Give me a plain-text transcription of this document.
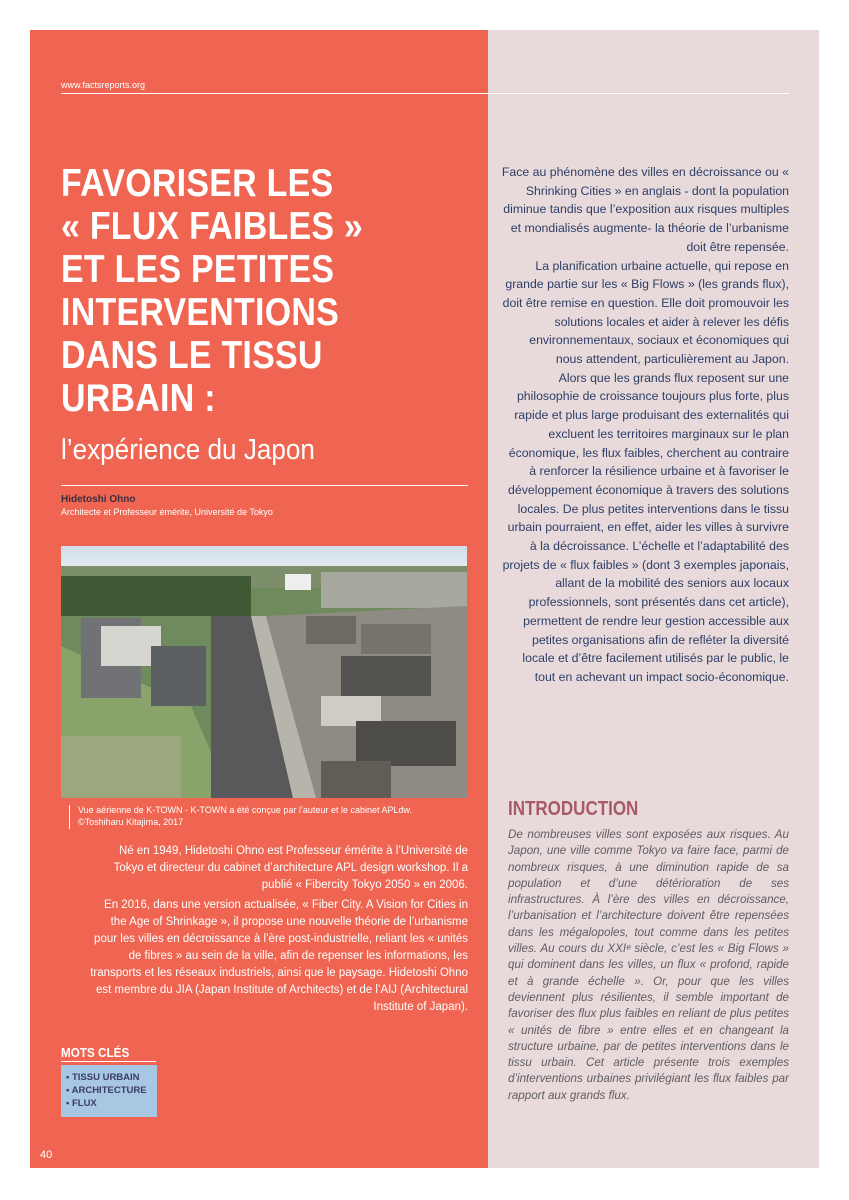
www.factsreports.org
FAVORISER LES
« FLUX FAIBLES »
ET LES PETITES
INTERVENTIONS
DANS LE TISSU
URBAIN :
l’expérience du Japon
Hidetoshi Ohno
Architecte et Professeur émérite, Université de Tokyo
Vue aérienne de K-TOWN - K-TOWN a été conçue par l’auteur et le cabinet APLdw. ©Toshiharu Kitajima, 2017

Né en 1949, Hidetoshi Ohno est Professeur émérite à l’Université de Tokyo et directeur du cabinet d’architecture APL design workshop. Il a publié « Fibercity Tokyo 2050 » en 2006.

En 2016, dans une version actualisée, « Fiber City. A Vision for Cities in the Age of Shrinkage », il propose une nouvelle théorie de l’urbanisme pour les villes en décroissance à l’ère post-industrielle, reliant les « unités de fibres » au sein de la ville, afin de repenser les informations, les transports et les réseaux industriels, ainsi que le paysage. Hidetoshi Ohno est membre du JIA (Japan Institute of Architects) et de l’AIJ (Architectural Institute of Japan).

MOTS CLÉS
• TISSU URBAIN
• ARCHITECTURE
• FLUX
40

Face au phénomène des villes en décroissance ou « Shrinking Cities » en anglais - dont la population diminue tandis que l’exposition aux risques multiples et mondialisés augmente- la théorie de l’urbanisme doit être repensée.

La planification urbaine actuelle, qui repose en grande partie sur les « Big Flows » (les grands flux), doit être remise en question. Elle doit promouvoir les solutions locales et aider à relever les défis environnementaux, sociaux et économiques qui nous attendent, particulièrement au Japon.

Alors que les grands flux reposent sur une philosophie de croissance toujours plus forte, plus rapide et plus large produisant des externalités qui excluent les territoires marginaux sur le plan économique, les flux faibles, cherchent au contraire à renforcer la résilience urbaine et à favoriser le développement économique à travers des solutions locales. De plus petites interventions dans le tissu urbain pourraient, en effet, aider les villes à survivre à la décroissance. L’échelle et l’adaptabilité des projets de « flux faibles » (dont 3 exemples japonais, allant de la mobilité des seniors aux locaux professionnels, sont présentés dans cet article), permettent de rendre leur gestion accessible aux petites organisations afin de refléter la diversité locale et d’être facilement utilisés par le public, le tout en achevant un impact socio-économique.

INTRODUCTION
De nombreuses villes sont exposées aux risques. Au Japon, une ville comme Tokyo va faire face, parmi de nombreux risques, à une diminution rapide de sa population et d’une détérioration de ses infrastructures. À l’ère des villes en décroissance, l’urbanisation et l’architecture doivent être repensées dans les mégalopoles, tout comme dans les petites villes. Au cours du XXIᵉ siècle, c’est les « Big Flows » qui dominent dans les villes, un flux « profond, rapide et à grande échelle ». Or, pour que les villes deviennent plus résilientes, il semble important de favoriser des flux plus faibles en reliant de plus petites « unités de fibre » entre elles et en changeant la structure urbaine, par de petites interventions dans le tissu urbain. Cet article présente trois exemples d’interventions urbaines privilégiant les flux faibles par rapport aux grands flux.
